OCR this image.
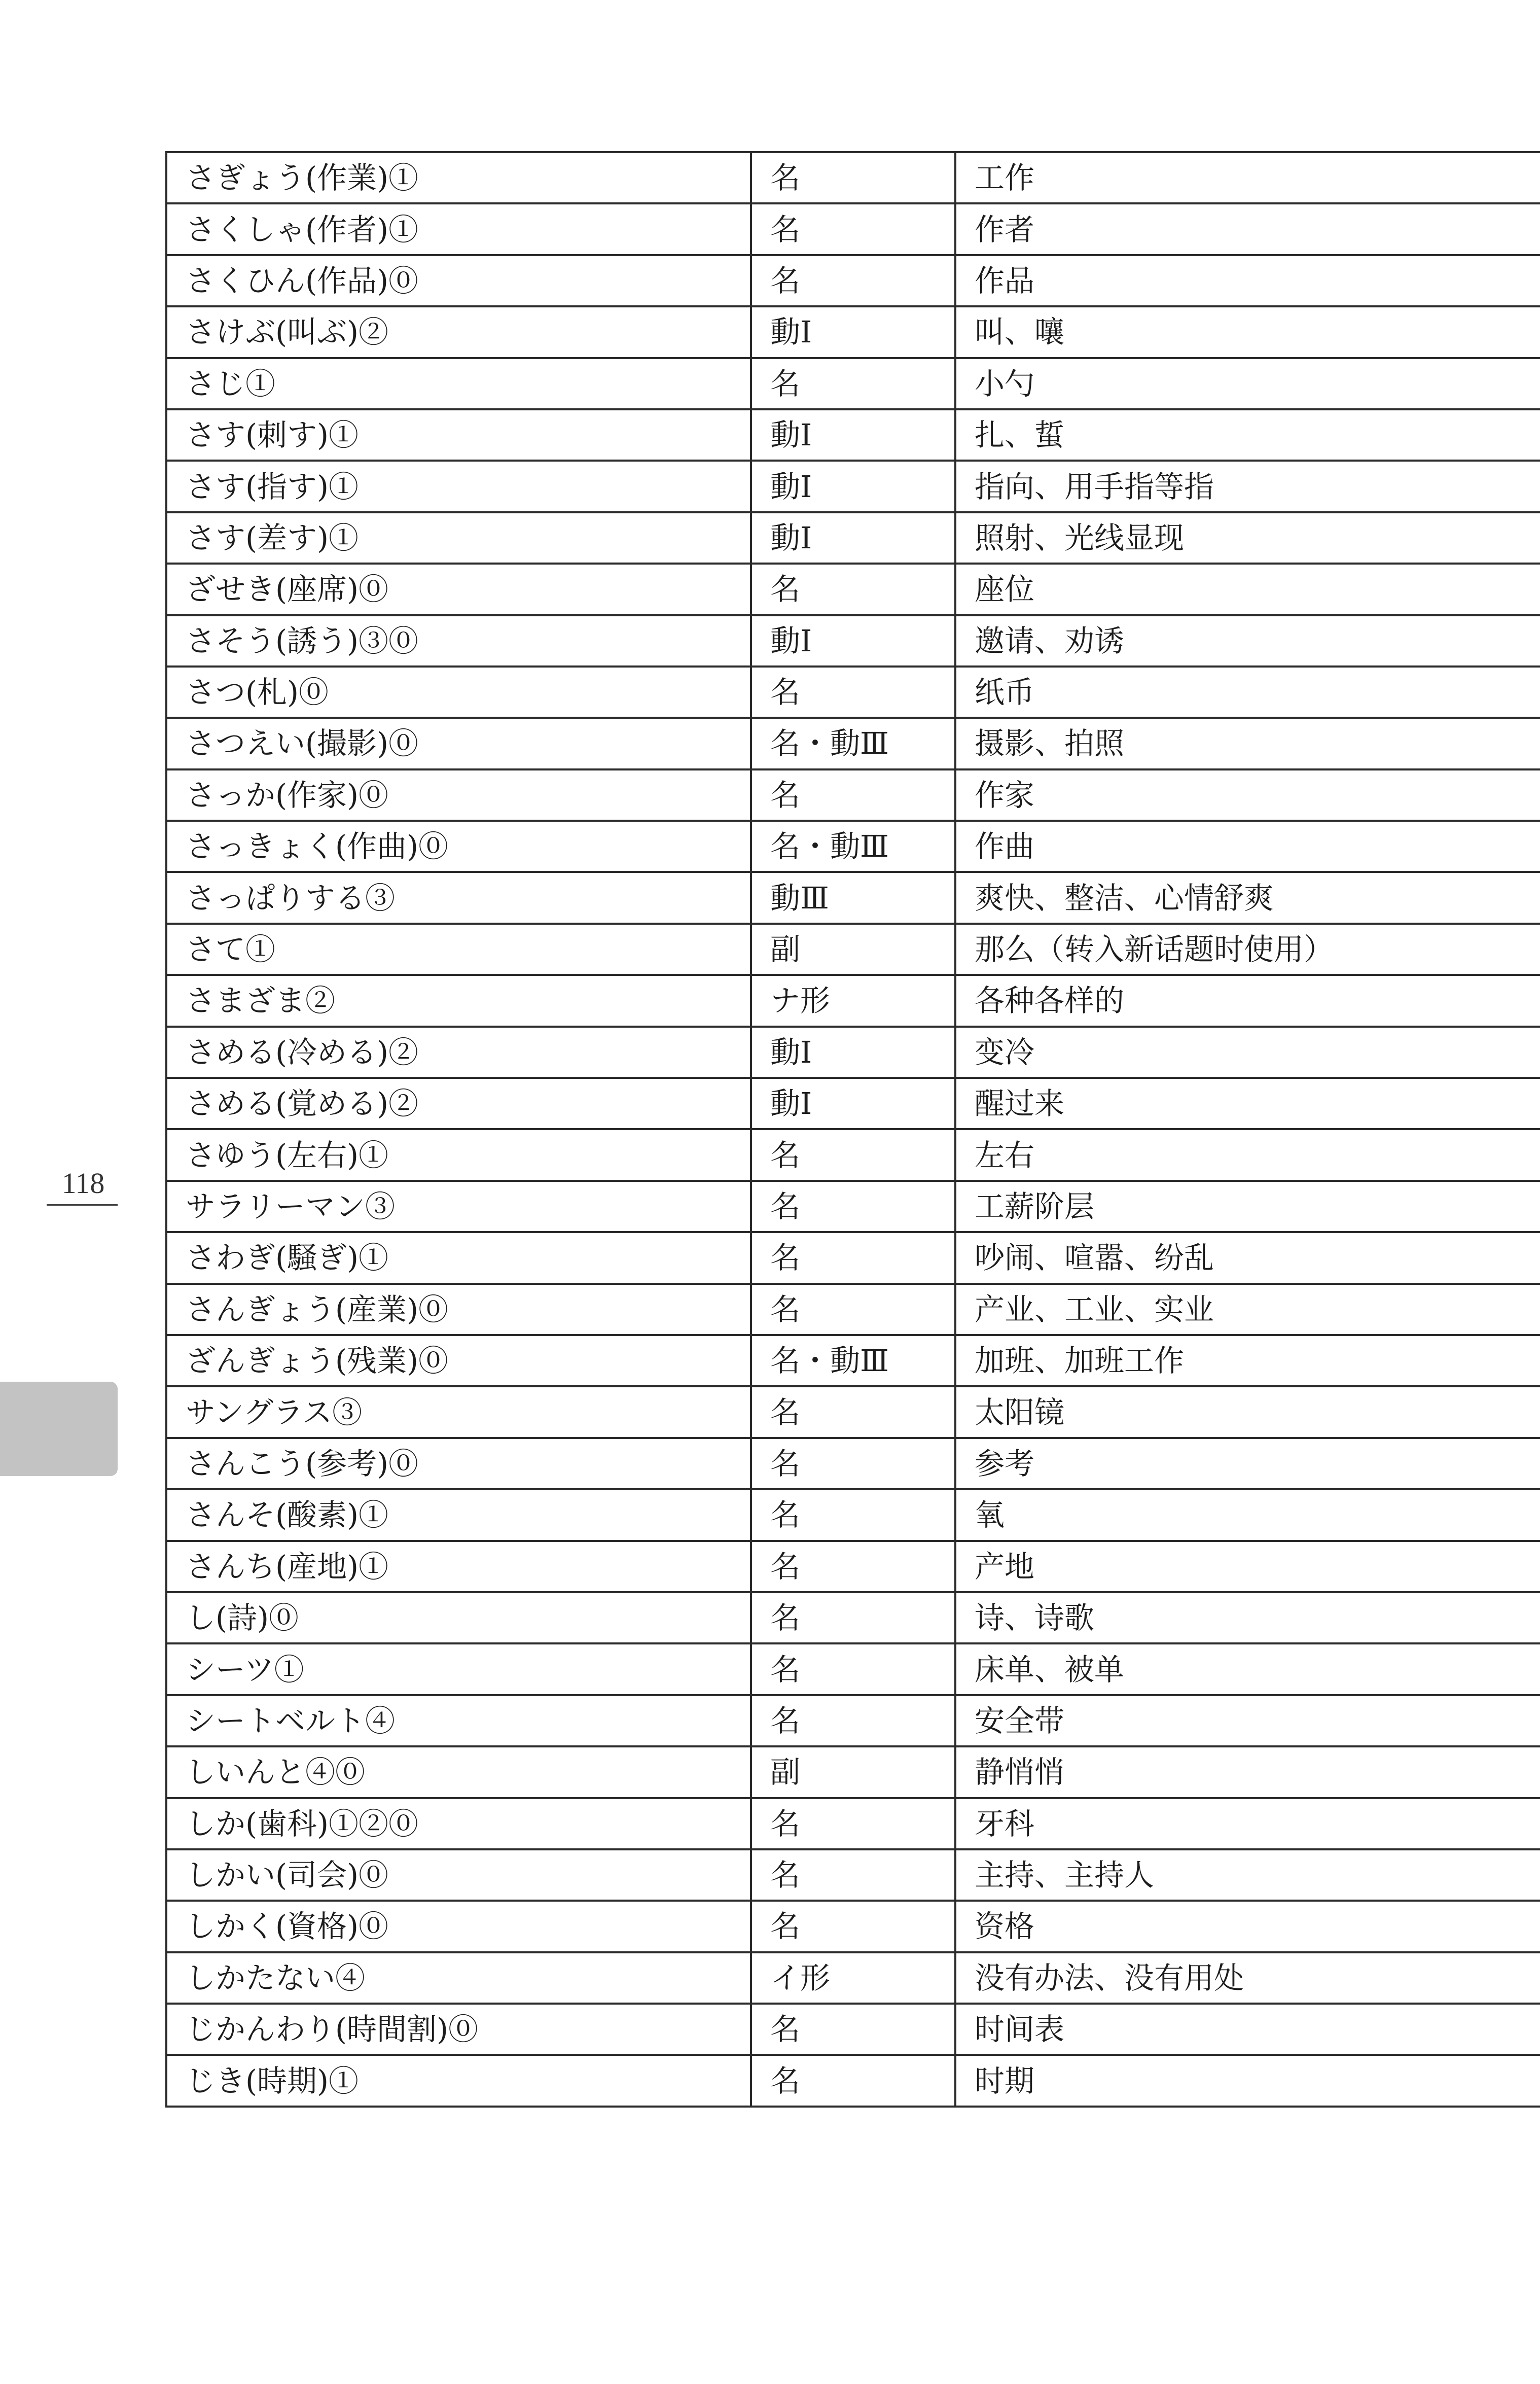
118
さぎょう(作業)①	名	工作
さくしゃ(作者)①	名	作者
さくひん(作品)⓪	名	作品
さけぶ(叫ぶ)②	動Ⅰ	叫、嚷
さじ①	名	小勺
さす(刺す)①	動Ⅰ	扎、蜇
さす(指す)①	動Ⅰ	指向、用手指等指
さす(差す)①	動Ⅰ	照射、光线显现
ざせき(座席)⓪	名	座位
さそう(誘う)③⓪	動Ⅰ	邀请、劝诱
さつ(札)⓪	名	纸币
さつえい(撮影)⓪	名・動Ⅲ	摄影、拍照
さっか(作家)⓪	名	作家
さっきょく(作曲)⓪	名・動Ⅲ	作曲
さっぱりする③	動Ⅲ	爽快、整洁、心情舒爽
さて①	副	那么（转入新话题时使用）
さまざま②	ナ形	各种各样的
さめる(冷める)②	動Ⅰ	变冷
さめる(覚める)②	動Ⅰ	醒过来
さゆう(左右)①	名	左右
サラリーマン③	名	工薪阶层
さわぎ(騒ぎ)①	名	吵闹、喧嚣、纷乱
さんぎょう(産業)⓪	名	产业、工业、实业
ざんぎょう(残業)⓪	名・動Ⅲ	加班、加班工作
サングラス③	名	太阳镜
さんこう(参考)⓪	名	参考
さんそ(酸素)①	名	氧
さんち(産地)①	名	产地
し(詩)⓪	名	诗、诗歌
シーツ①	名	床单、被单
シートベルト④	名	安全带
しいんと④⓪	副	静悄悄
しか(歯科)①②⓪	名	牙科
しかい(司会)⓪	名	主持、主持人
しかく(資格)⓪	名	资格
しかたない④	イ形	没有办法、没有用处
じかんわり(時間割)⓪	名	时间表
じき(時期)①	名	时期
